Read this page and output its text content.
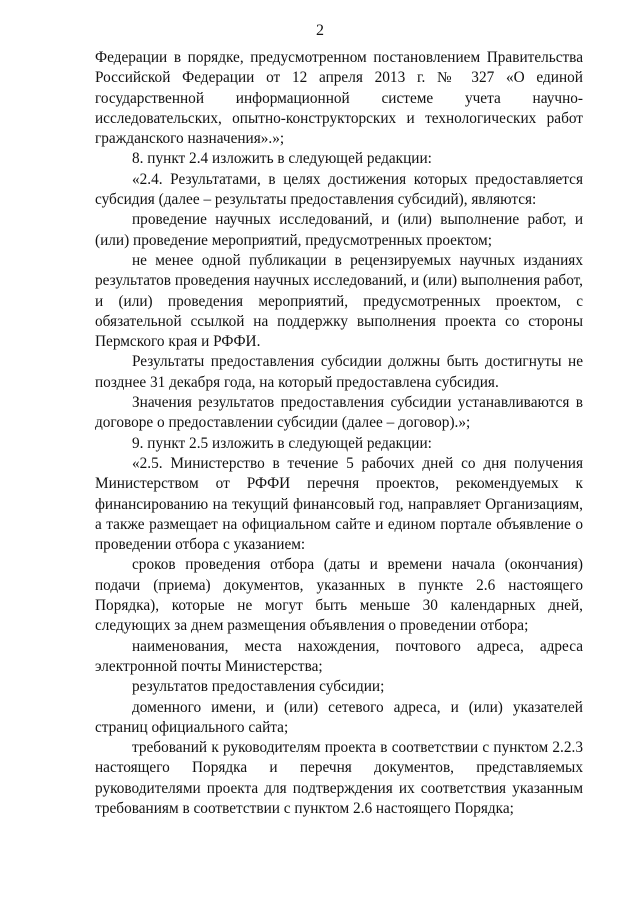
2

Федерации в порядке, предусмотренном постановлением Правительства Российской Федерации от 12 апреля 2013 г. № 327 «О единой государственной информационной системе учета научно-исследовательских, опытно-конструкторских и технологических работ гражданского назначения».»;

8. пункт 2.4 изложить в следующей редакции:

«2.4. Результатами, в целях достижения которых предоставляется субсидия (далее – результаты предоставления субсидий), являются:

проведение научных исследований, и (или) выполнение работ, и (или) проведение мероприятий, предусмотренных проектом;

не менее одной публикации в рецензируемых научных изданиях результатов проведения научных исследований, и (или) выполнения работ, и (или) проведения мероприятий, предусмотренных проектом, с обязательной ссылкой на поддержку выполнения проекта со стороны Пермского края и РФФИ.

Результаты предоставления субсидии должны быть достигнуты не позднее 31 декабря года, на который предоставлена субсидия.

Значения результатов предоставления субсидии устанавливаются в договоре о предоставлении субсидии (далее – договор).»;

9. пункт 2.5 изложить в следующей редакции:

«2.5. Министерство в течение 5 рабочих дней со дня получения Министерством от РФФИ перечня проектов, рекомендуемых к финансированию на текущий финансовый год, направляет Организациям, а также размещает на официальном сайте и едином портале объявление о проведении отбора с указанием:

сроков проведения отбора (даты и времени начала (окончания) подачи (приема) документов, указанных в пункте 2.6 настоящего Порядка), которые не могут быть меньше 30 календарных дней, следующих за днем размещения объявления о проведении отбора;

наименования, места нахождения, почтового адреса, адреса электронной почты Министерства;

результатов предоставления субсидии;

доменного имени, и (или) сетевого адреса, и (или) указателей страниц официального сайта;

требований к руководителям проекта в соответствии с пунктом 2.2.3 настоящего Порядка и перечня документов, представляемых руководителями проекта для подтверждения их соответствия указанным требованиям в соответствии с пунктом 2.6 настоящего Порядка;
